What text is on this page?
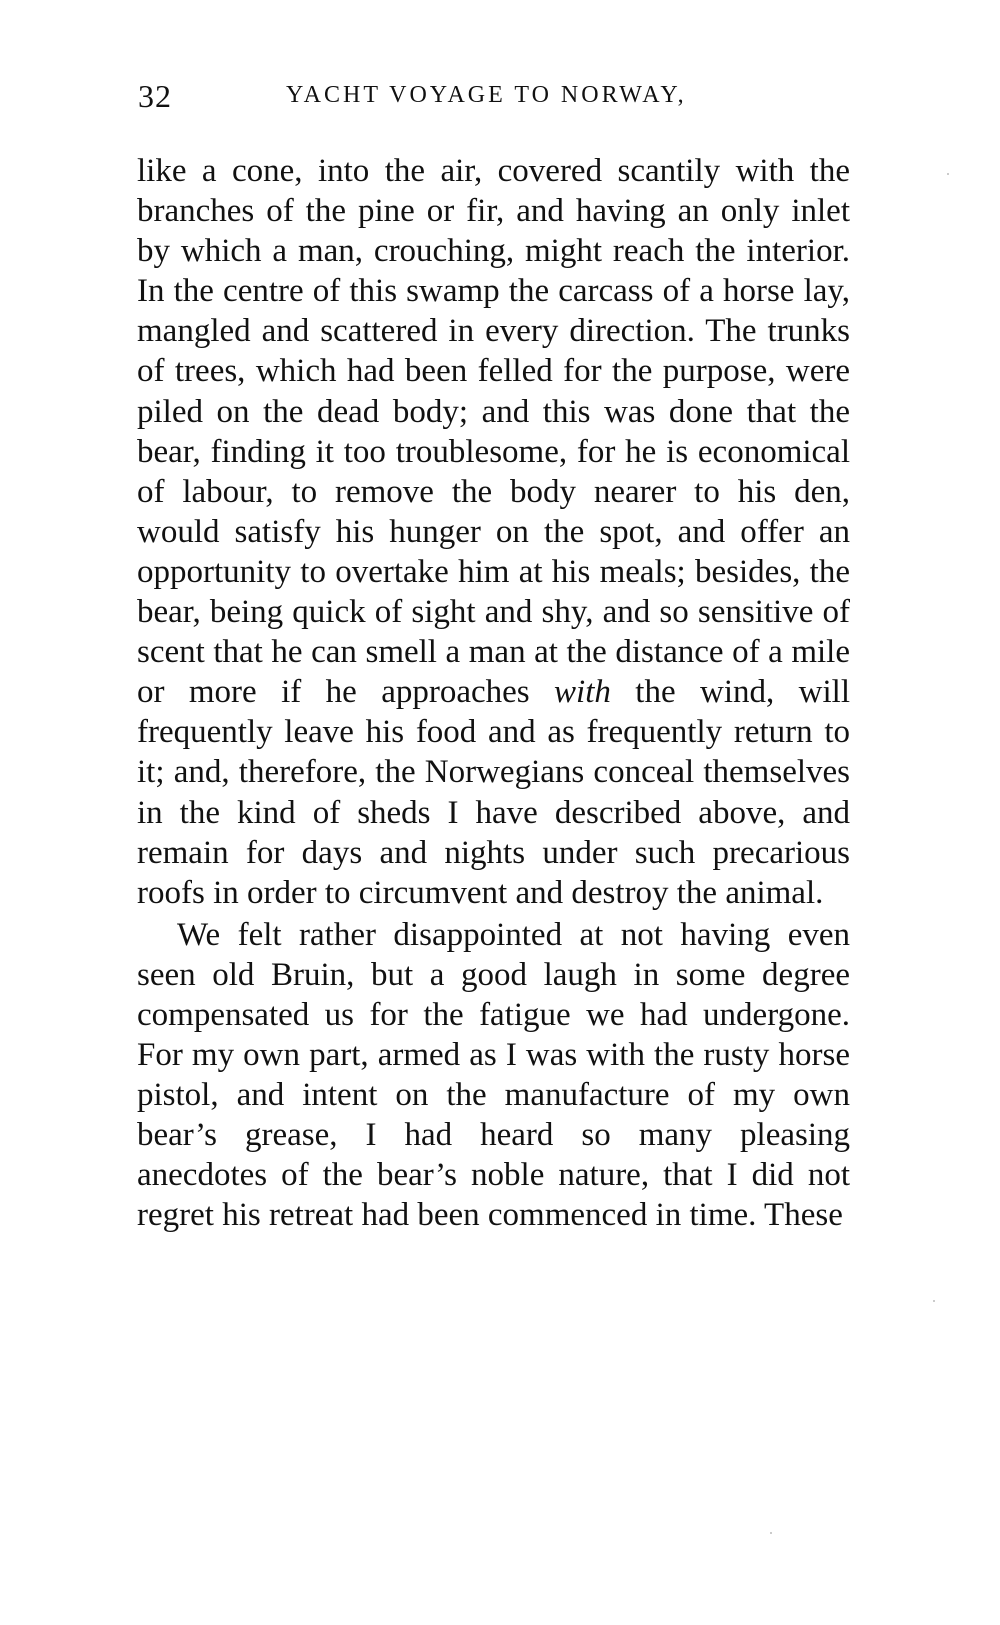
32	YACHT VOYAGE TO NORWAY,

like a cone, into the air, covered scantily with the branches of the pine or fir, and having an only inlet by which a man, crouching, might reach the interior. In the centre of this swamp the carcass of a horse lay, mangled and scattered in every direction. The trunks of trees, which had been felled for the purpose, were piled on the dead body; and this was done that the bear, finding it too troublesome, for he is economical of labour, to remove the body nearer to his den, would satisfy his hunger on the spot, and offer an opportunity to overtake him at his meals; besides, the bear, being quick of sight and shy, and so sensitive of scent that he can smell a man at the distance of a mile or more if he approaches with the wind, will frequently leave his food and as frequently return to it; and, therefore, the Norwegians conceal themselves in the kind of sheds I have described above, and remain for days and nights under such precarious roofs in order to circumvent and destroy the animal.

We felt rather disappointed at not having even seen old Bruin, but a good laugh in some degree compensated us for the fatigue we had undergone. For my own part, armed as I was with the rusty horse pistol, and intent on the manufacture of my own bear’s grease, I had heard so many pleasing anecdotes of the bear’s noble nature, that I did not regret his retreat had been commenced in time. These
